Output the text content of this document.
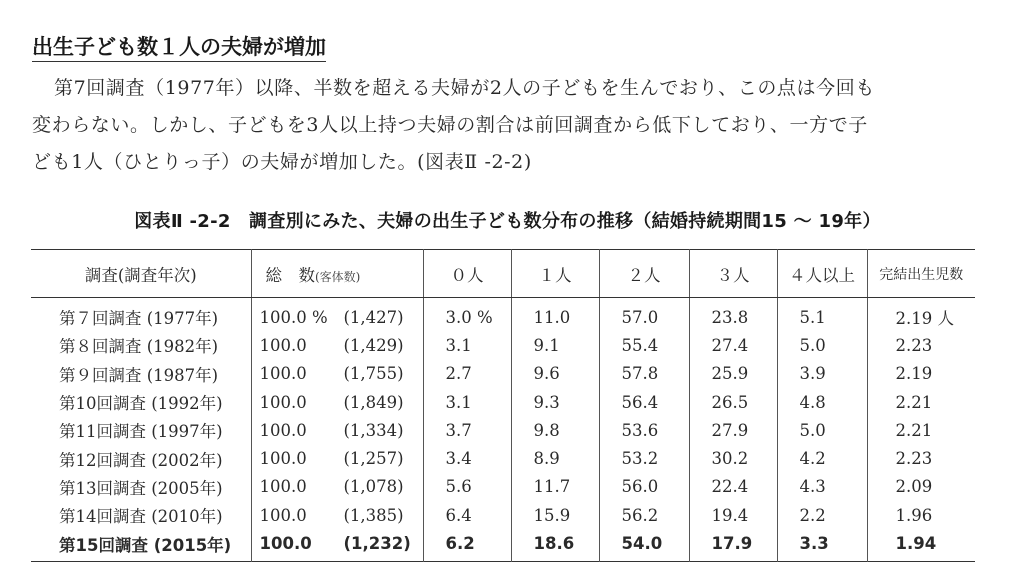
出生子ども数１人の夫婦が増加
第7回調査（1977年）以降、半数を超える夫婦が2人の子どもを生んでおり、この点は今回も
変わらない。しかし、子どもを3人以上持つ夫婦の割合は前回調査から低下しており、一方で子
ども1人（ひとりっ子）の夫婦が増加した。(図表Ⅱ -2-2)
図表Ⅱ -2-2　調査別にみた、夫婦の出生子ども数分布の推移（結婚持続期間15 〜 19年）
調査(調査年次)	総　数(客体数)	０人	１人	２人	３人	４人以上	完結出生児数
第７回調査 (1977年)	100.0 % (1,427)	3.0 %	11.0	57.0	23.8	5.1	2.19 人
第８回調査 (1982年)	100.0 (1,429)	3.1	9.1	55.4	27.4	5.0	2.23
第９回調査 (1987年)	100.0 (1,755)	2.7	9.6	57.8	25.9	3.9	2.19
第10回調査 (1992年)	100.0 (1,849)	3.1	9.3	56.4	26.5	4.8	2.21
第11回調査 (1997年)	100.0 (1,334)	3.7	9.8	53.6	27.9	5.0	2.21
第12回調査 (2002年)	100.0 (1,257)	3.4	8.9	53.2	30.2	4.2	2.23
第13回調査 (2005年)	100.0 (1,078)	5.6	11.7	56.0	22.4	4.3	2.09
第14回調査 (2010年)	100.0 (1,385)	6.4	15.9	56.2	19.4	2.2	1.96
第15回調査 (2015年)	100.0 (1,232)	6.2	18.6	54.0	17.9	3.3	1.94
